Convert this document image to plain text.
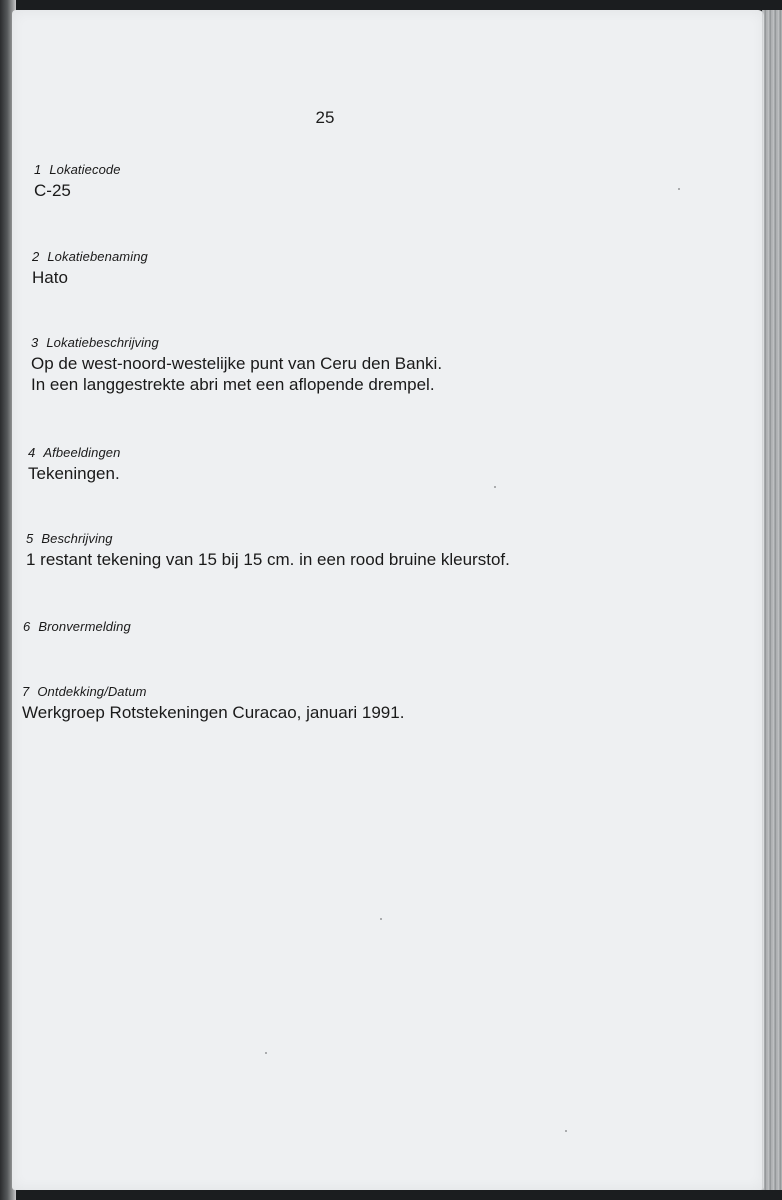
25
1 Lokatiecode
C-25
2 Lokatiebenaming
Hato
3 Lokatiebeschrijving
Op de west-noord-westelijke punt van Ceru den Banki.
In een langgestrekte abri met een aflopende drempel.
4 Afbeeldingen
Tekeningen.
5 Beschrijving
1 restant tekening van 15 bij 15 cm. in een rood bruine kleurstof.
6 Bronvermelding
7 Ontdekking/Datum
Werkgroep Rotstekeningen Curacao, januari 1991.
